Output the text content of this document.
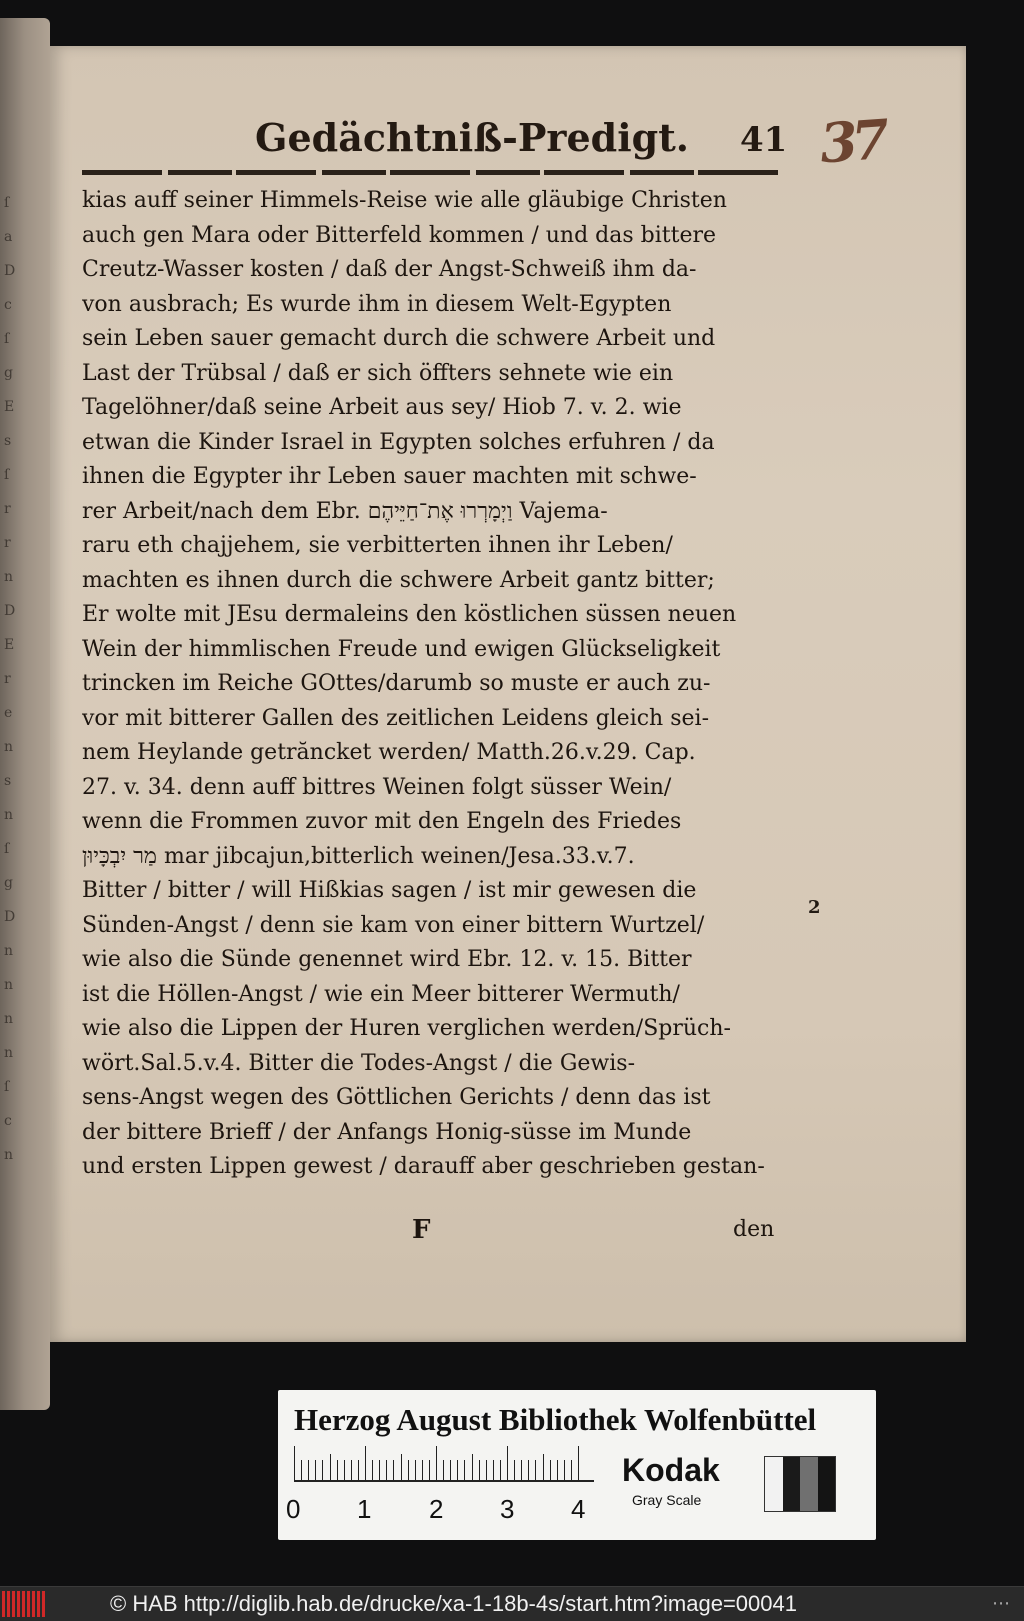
ſ
a
D
c
ſ
g
E
s
ſ
r
r
n
D
E
r
e
n
s
n
ſ
g
D
n
n
n
n
ſ
c
n
Gedächtniß-Predigt. 41 37
kias auff seiner Himmels-Reise wie alle gläubige Christen
auch gen Mara oder Bitterfeld kommen / und das bittere
Creutz-Wasser kosten / daß der Angst-Schweiß ihm da-
von ausbrach; Es wurde ihm in diesem Welt-Egypten
sein Leben sauer gemacht durch die schwere Arbeit und
Last der Trübsal / daß er sich öffters sehnete wie ein
Tagelöhner/daß seine Arbeit aus sey/ Hiob 7. v. 2. wie
etwan die Kinder Israel in Egypten solches erfuhren / da
ihnen die Egypter ihr Leben sauer machten mit schwe-
rer Arbeit/nach dem Ebr. וַיְמָרְרוּ אֶת־חַיֵּיהֶם Vajema-
raru eth chajjehem, sie verbitterten ihnen ihr Leben/
machten es ihnen durch die schwere Arbeit gantz bitter;
Er wolte mit JEsu dermaleins den köstlichen süssen neuen
Wein der himmlischen Freude und ewigen Glückseligkeit
trincken im Reiche GOttes/darumb so muste er auch zu-
vor mit bitterer Gallen des zeitlichen Leidens gleich sei-
nem Heylande getrăncket werden/ Matth.26.v.29. Cap.
27. v. 34. denn auff bittres Weinen folgt süsser Wein/
wenn die Frommen zuvor mit den Engeln des Friedes
מַר יִבְכָּיוּן mar jibcajun,bitterlich weinen/Jesa.33.v.7.
Bitter / bitter / will Hißkias sagen / ist mir gewesen die
Sünden-Angst / denn sie kam von einer bittern Wurtzel/
wie also die Sünde genennet wird Ebr. 12. v. 15. Bitter
ist die Höllen-Angst / wie ein Meer bitterer Wermuth/
wie also die Lippen der Huren verglichen werden/Sprüch-
wört.Sal.5.v.4. Bitter die Todes-Angst / die Gewis-
sens-Angst wegen des Göttlichen Gerichts / denn das ist
der bittere Brieff / der Anfangs Honig-süsse im Munde
und ersten Lippen gewest / darauff aber geschrieben gestan-
2
F	den
Herzog August Bibliothek Wolfenbüttel
0 1 2 3 4
Kodak
Gray Scale
© HAB http://diglib.hab.de/drucke/xa-1-18b-4s/start.htm?image=00041	⋯
